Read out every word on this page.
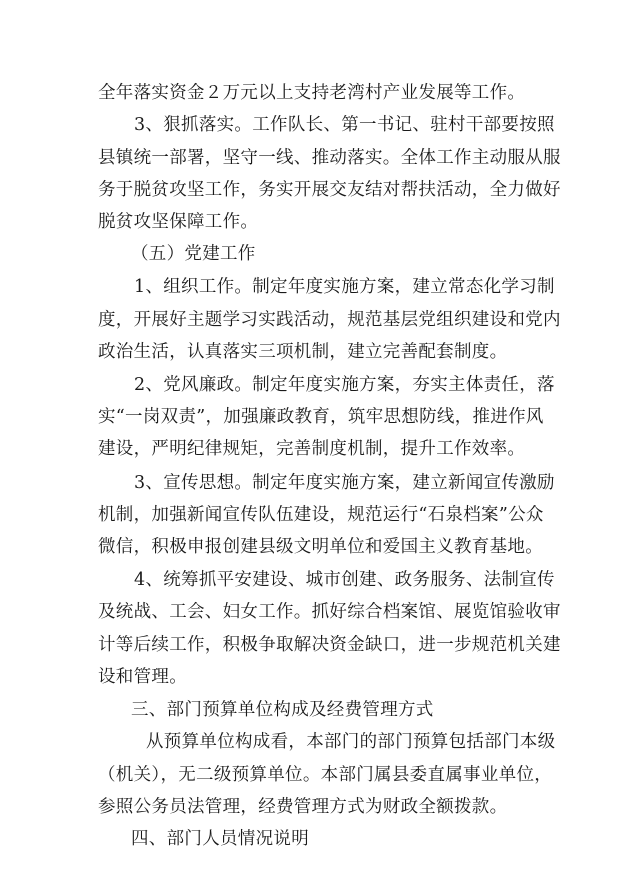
全年落实资金２万元以上支持老湾村产业发展等工作。
3、狠抓落实。工作队长、第一书记、驻村干部要按照
县镇统一部署，坚守一线、推动落实。全体工作主动服从服
务于脱贫攻坚工作，务实开展交友结对帮扶活动，全力做好
脱贫攻坚保障工作。
（五）党建工作
1、组织工作。制定年度实施方案，建立常态化学习制
度，开展好主题学习实践活动，规范基层党组织建设和党内
政治生活，认真落实三项机制，建立完善配套制度。
2、党风廉政。制定年度实施方案，夯实主体责任，落
实“一岗双责”，加强廉政教育，筑牢思想防线，推进作风
建设，严明纪律规矩，完善制度机制，提升工作效率。
3、宣传思想。制定年度实施方案，建立新闻宣传激励
机制，加强新闻宣传队伍建设，规范运行“石泉档案”公众
微信，积极申报创建县级文明单位和爱国主义教育基地。
4、统筹抓平安建设、城市创建、政务服务、法制宣传
及统战、工会、妇女工作。抓好综合档案馆、展览馆验收审
计等后续工作，积极争取解决资金缺口，进一步规范机关建
设和管理。
三、部门预算单位构成及经费管理方式
从预算单位构成看，本部门的部门预算包括部门本级
（机关），无二级预算单位。本部门属县委直属事业单位，
参照公务员法管理，经费管理方式为财政全额拨款。
四、部门人员情况说明
